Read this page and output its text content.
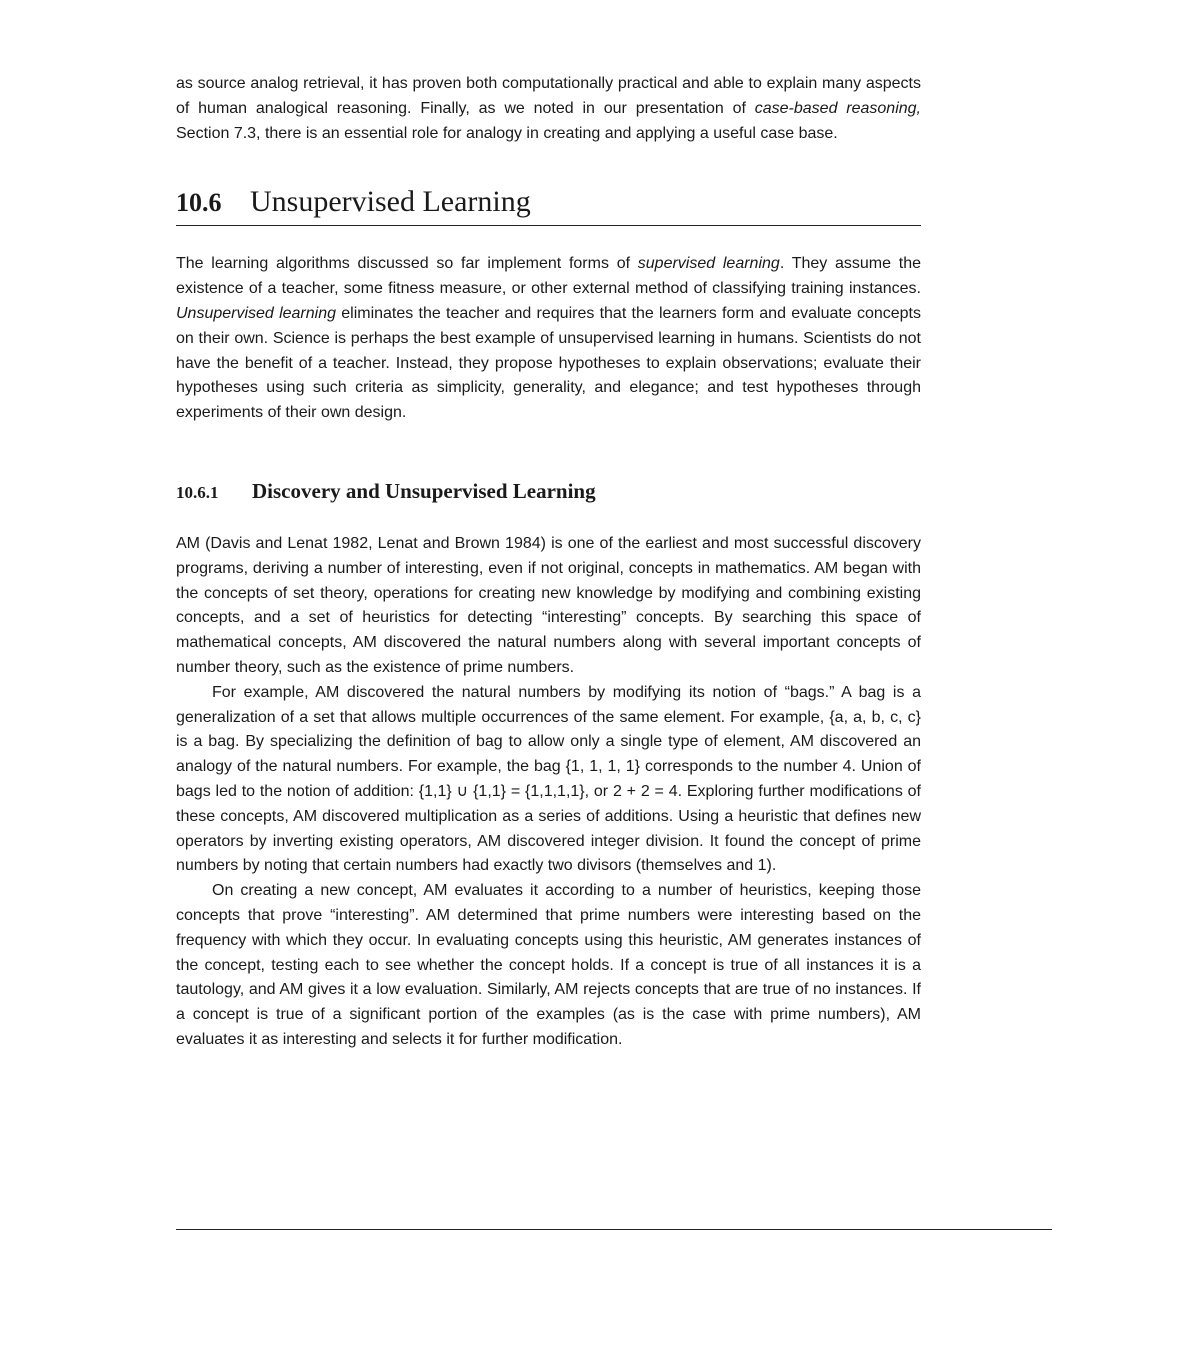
as source analog retrieval, it has proven both computationally practical and able to explain many aspects of human analogical reasoning. Finally, as we noted in our presentation of case-based reasoning, Section 7.3, there is an essential role for analogy in creating and applying a useful case base.

10.6 Unsupervised Learning

The learning algorithms discussed so far implement forms of supervised learning. They assume the existence of a teacher, some fitness measure, or other external method of classifying training instances. Unsupervised learning eliminates the teacher and requires that the learners form and evaluate concepts on their own. Science is perhaps the best example of unsupervised learning in humans. Scientists do not have the benefit of a teacher. Instead, they propose hypotheses to explain observations; evaluate their hypotheses using such criteria as simplicity, generality, and elegance; and test hypotheses through experiments of their own design.

10.6.1 Discovery and Unsupervised Learning

AM (Davis and Lenat 1982, Lenat and Brown 1984) is one of the earliest and most successful discovery programs, deriving a number of interesting, even if not original, concepts in mathematics. AM began with the concepts of set theory, operations for creating new knowledge by modifying and combining existing concepts, and a set of heuristics for detecting “interesting” concepts. By searching this space of mathematical concepts, AM discovered the natural numbers along with several important concepts of number theory, such as the existence of prime numbers.

For example, AM discovered the natural numbers by modifying its notion of “bags.” A bag is a generalization of a set that allows multiple occurrences of the same element. For example, {a, a, b, c, c} is a bag. By specializing the definition of bag to allow only a single type of element, AM discovered an analogy of the natural numbers. For example, the bag {1, 1, 1, 1} corresponds to the number 4. Union of bags led to the notion of addition: {1,1} ∪ {1,1} = {1,1,1,1}, or 2 + 2 = 4. Exploring further modifications of these concepts, AM discovered multiplication as a series of additions. Using a heuristic that defines new operators by inverting existing operators, AM discovered integer division. It found the concept of prime numbers by noting that certain numbers had exactly two divisors (themselves and 1).

On creating a new concept, AM evaluates it according to a number of heuristics, keeping those concepts that prove “interesting”. AM determined that prime numbers were interesting based on the frequency with which they occur. In evaluating concepts using this heuristic, AM generates instances of the concept, testing each to see whether the concept holds. If a concept is true of all instances it is a tautology, and AM gives it a low evaluation. Similarly, AM rejects concepts that are true of no instances. If a concept is true of a significant portion of the examples (as is the case with prime numbers), AM evaluates it as interesting and selects it for further modification.
